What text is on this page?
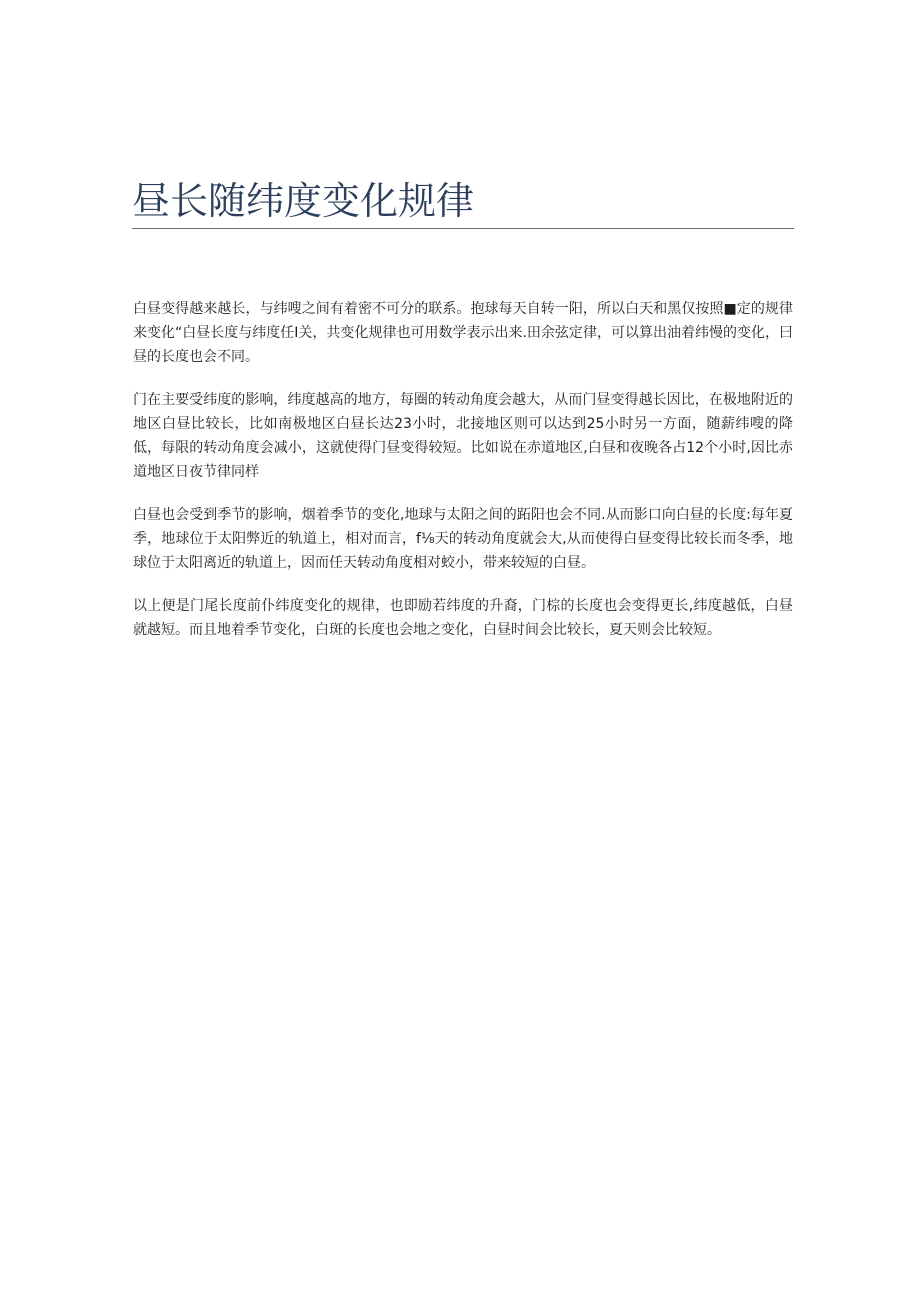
昼长随纬度变化规律

白昼变得越来越长，与纬嗖之间有着密不可分的联系。抱球每天自转一阳，所以白天和黑仅按照■定的规律来变化“白昼长度与纬度任I关，共变化规律也可用数学表示出来.田余弦定律，可以算出油着纬慢的变化，曰昼的长度也会不同。

门在主要受纬度的影响，纬度越高的地方，每圈的转动角度会越大，从而门昼变得越长因比，在极地附近的地区白昼比较长，比如南极地区白昼长达23小时，北接地区则可以达到25小时另一方面，随薪纬嗖的降低，每限的转动角度会减小，这就使得门昼变得较短。比如说在赤道地区,白昼和夜晚各占12个小时,因比赤道地区日夜节律同样

白昼也会受到季节的影响，烟着季节的变化,地球与太阳之间的跖阳也会不同.从而影口向白昼的长度:每年夏季，地球位于太阳弊近的轨道上，相对而言，f⅛天的转动角度就会大,从而使得白昼变得比较长而冬季，地球位于太阳离近的轨道上，因而任天转动角度相对蛟小，带来较短的白昼。

以上便是门尾长度前仆纬度变化的规律，也即励若纬度的升裔，门棕的长度也会变得更长,纬度越低，白昼就越短。而且地着季节变化，白斑的长度也会地之变化，白昼时间会比较长，夏天则会比较短。
